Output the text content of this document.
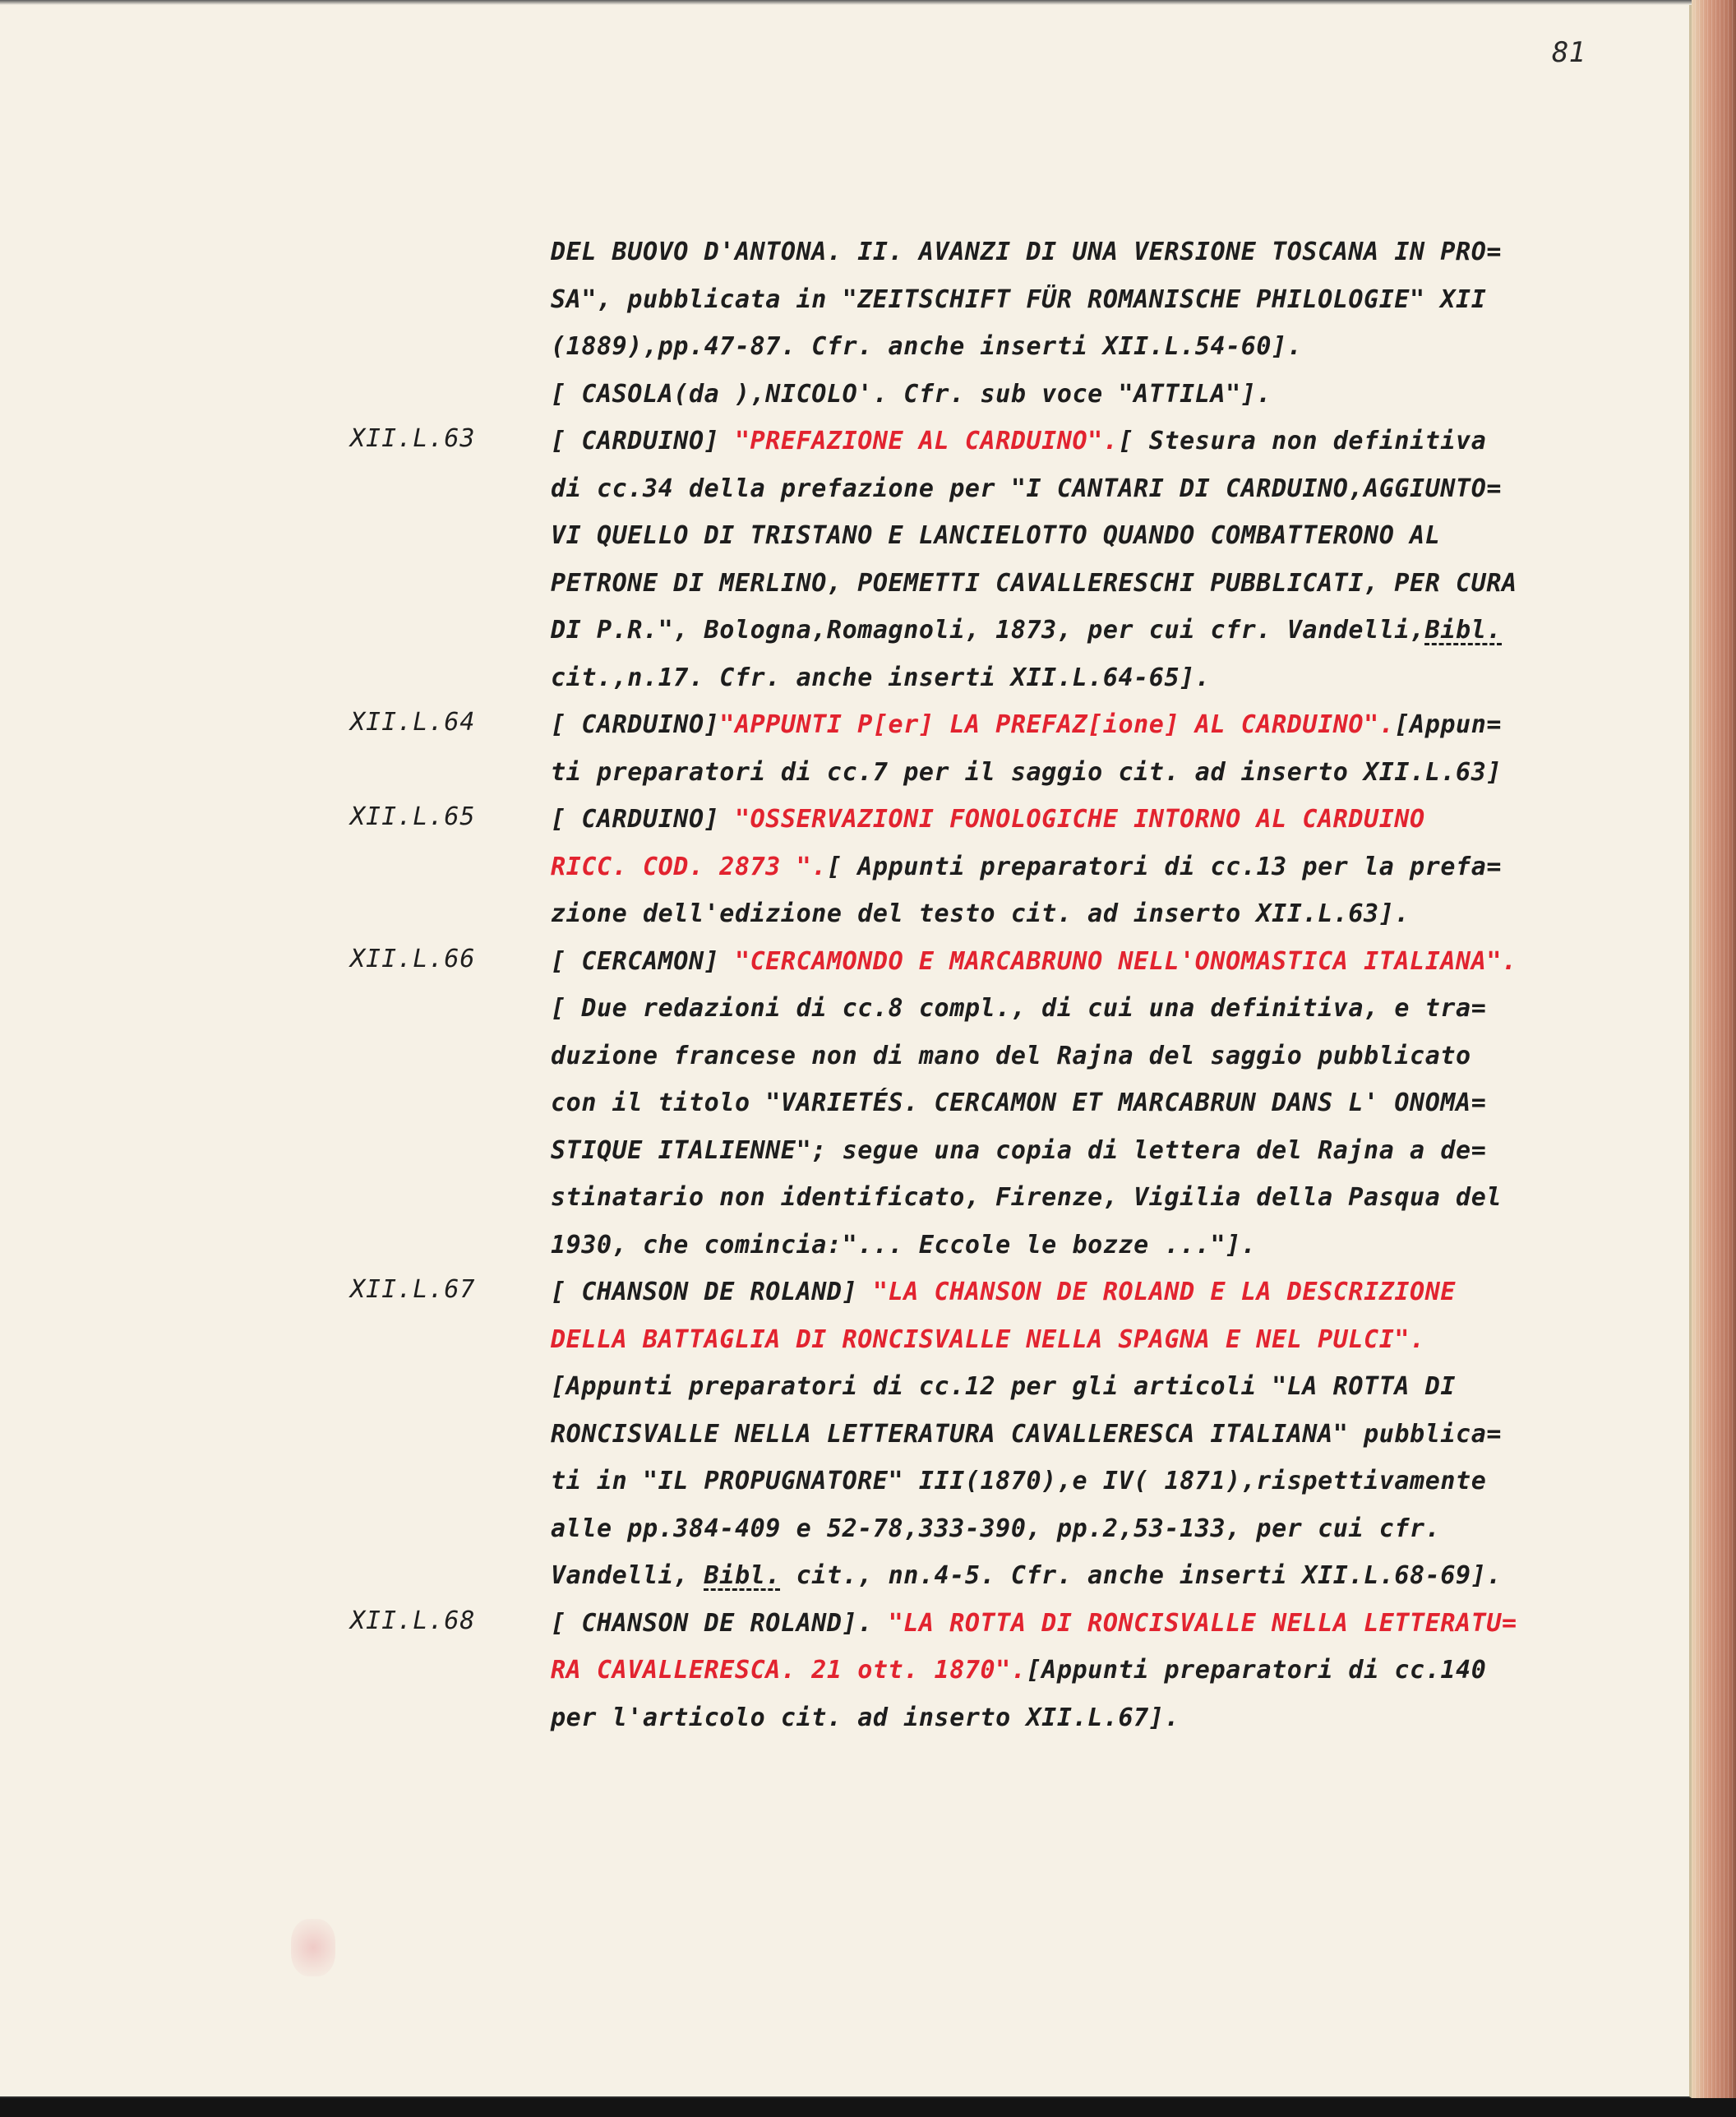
81
DEL BUOVO D'ANTONA. II. AVANZI DI UNA VERSIONE TOSCANA IN PRO=
SA", pubblicata in "ZEITSCHIFT FÜR ROMANISCHE PHILOLOGIE" XII
(1889),pp.47-87. Cfr. anche inserti XII.L.54-60].
[ CASOLA(da ),NICOLO'. Cfr. sub voce "ATTILA"].
XII.L.63	[ CARDUINO] "PREFAZIONE AL CARDUINO".[ Stesura non definitiva
di cc.34 della prefazione per "I CANTARI DI CARDUINO,AGGIUNTO=
VI QUELLO DI TRISTANO E LANCIELOTTO QUANDO COMBATTERONO AL
PETRONE DI MERLINO, POEMETTI CAVALLERESCHI PUBBLICATI, PER CURA
DI P.R.", Bologna,Romagnoli, 1873, per cui cfr. Vandelli,Bibl.
cit.,n.17. Cfr. anche inserti XII.L.64-65].
XII.L.64	[ CARDUINO]"APPUNTI P[er] LA PREFAZ[ione] AL CARDUINO".[Appun=
ti preparatori di cc.7 per il saggio cit. ad inserto XII.L.63]
XII.L.65	[ CARDUINO] "OSSERVAZIONI FONOLOGICHE INTORNO AL CARDUINO
RICC. COD. 2873 ".[ Appunti preparatori di cc.13 per la prefa=
zione dell'edizione del testo cit. ad inserto XII.L.63].
XII.L.66	[ CERCAMON] "CERCAMONDO E MARCABRUNO NELL'ONOMASTICA ITALIANA".
[ Due redazioni di cc.8 compl., di cui una definitiva, e tra=
duzione francese non di mano del Rajna del saggio pubblicato
con il titolo "VARIETÉS. CERCAMON ET MARCABRUN DANS L' ONOMA=
STIQUE ITALIENNE"; segue una copia di lettera del Rajna a de=
stinatario non identificato, Firenze, Vigilia della Pasqua del
1930, che comincia:"... Eccole le bozze ..."].
XII.L.67	[ CHANSON DE ROLAND] "LA CHANSON DE ROLAND E LA DESCRIZIONE
DELLA BATTAGLIA DI RONCISVALLE NELLA SPAGNA E NEL PULCI".
[Appunti preparatori di cc.12 per gli articoli "LA ROTTA DI
RONCISVALLE NELLA LETTERATURA CAVALLERESCA ITALIANA" pubblica=
ti in "IL PROPUGNATORE" III(1870),e IV( 1871),rispettivamente
alle pp.384-409 e 52-78,333-390, pp.2,53-133, per cui cfr.
Vandelli, Bibl. cit., nn.4-5. Cfr. anche inserti XII.L.68-69].
XII.L.68	[ CHANSON DE ROLAND]. "LA ROTTA DI RONCISVALLE NELLA LETTERATU=
RA CAVALLERESCA. 21 ott. 1870".[Appunti preparatori di cc.140
per l'articolo cit. ad inserto XII.L.67].
